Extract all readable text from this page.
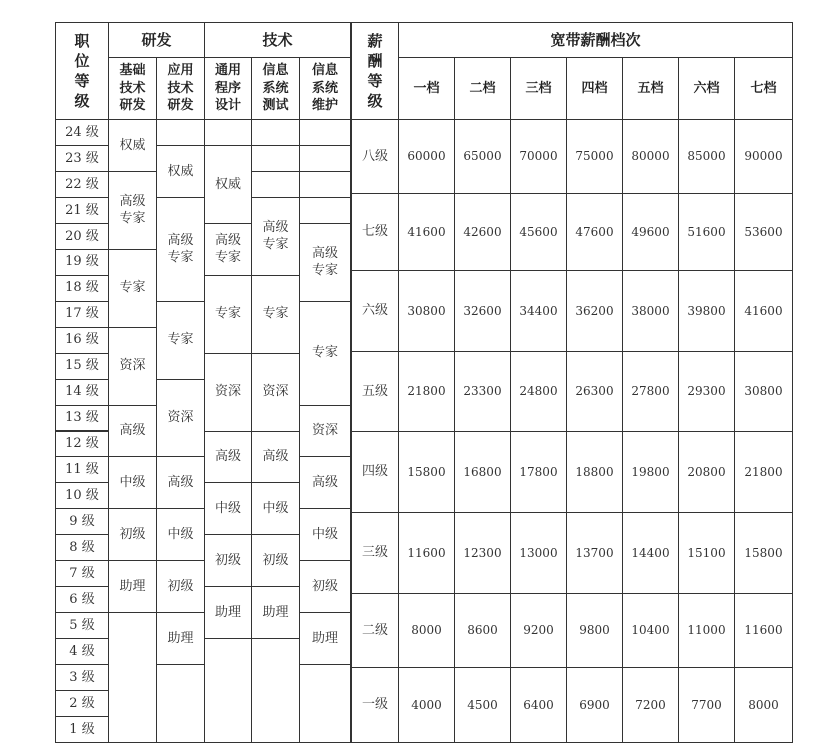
职
位
等
级
研发	技术	薪
酬
等
级
宽带薪酬档次
基础技术研发
应用技术研发
通用程序设计
信息系统测试
信息系统维护
一档 二档 三档 四档 五档 六档 七档
24 级
23 级
22 级
21 级
20 级
19 级
18 级
17 级
16 级
15 级
14 级
13 级
12 级
11 级
10 级
9 级
8 级
7 级
6 级
5 级
4 级
3 级
2 级
1 级
权威
高级专家
专家
资深
高级
中级
初级
助理
权威
高级专家
专家
资深
高级
中级
初级
助理
权威
高级专家
专家
资深
高级
中级
初级
助理
高级专家
专家
资深
高级
中级
初级
助理
高级专家
专家
资深
高级
中级
初级
助理
八级 60000 65000 70000 75000 80000 85000 90000
七级 41600 42600 45600 47600 49600 51600 53600
六级 30800 32600 34400 36200 38000 39800 41600
五级 21800 23300 24800 26300 27800 29300 30800
四级 15800 16800 17800 18800 19800 20800 21800
三级 11600 12300 13000 13700 14400 15100 15800
二级 8000 8600 9200 9800 10400 11000 11600
一级 4000 4500 6400 6900 7200 7700 8000
